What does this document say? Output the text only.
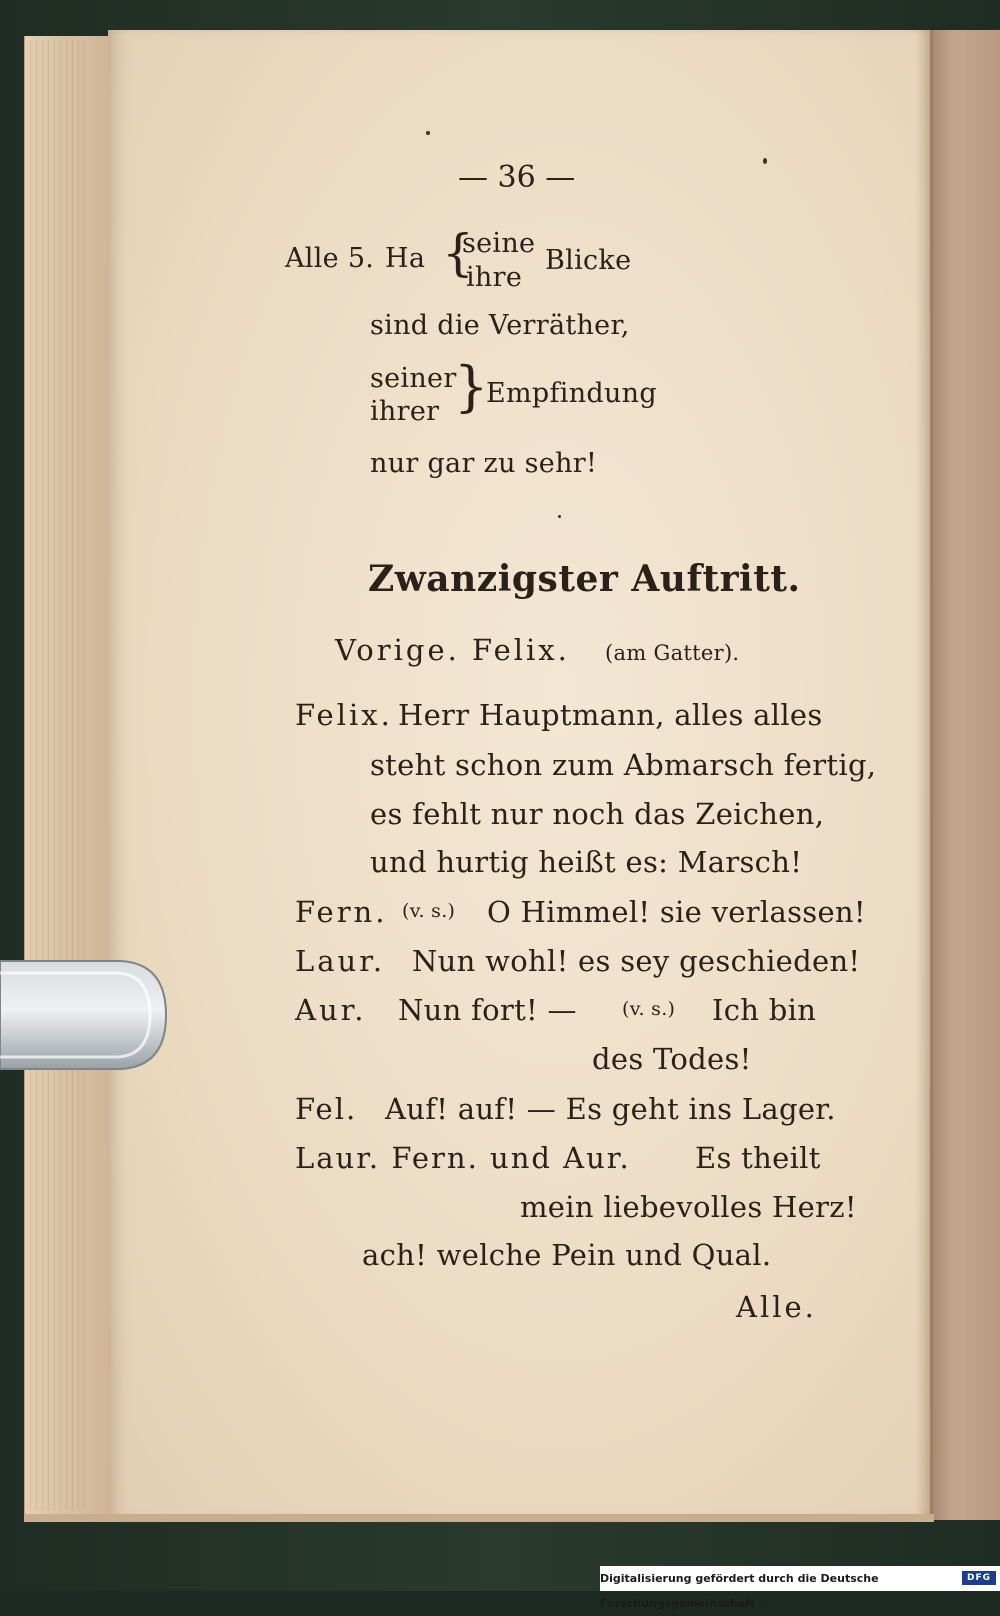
— 36 —
Alle 5. Ha {
seine
ihre
Blicke
sind die Verräther,
seiner
ihrer }
Empfindung
nur gar zu sehr!
Zwanzigster Auftritt.
Vorige. Felix. (am Gatter).
Felix. Herr Hauptmann, alles alles
steht schon zum Abmarsch fertig,
es fehlt nur noch das Zeichen,
und hurtig heißt es: Marsch!
Fern. (v. s.) O Himmel! sie verlassen!
Laur. Nun wohl! es sey geschieden!
Aur. Nun fort! — (v. s.) Ich bin
des Todes!
Fel. Auf! auf! — Es geht ins Lager.
Laur. Fern. und Aur. Es theilt
mein liebevolles Herz!
ach! welche Pein und Qual.
Alle.
Digitalisierung gefördert durch die Deutsche Forschungsgemeinschaft -
DFG
